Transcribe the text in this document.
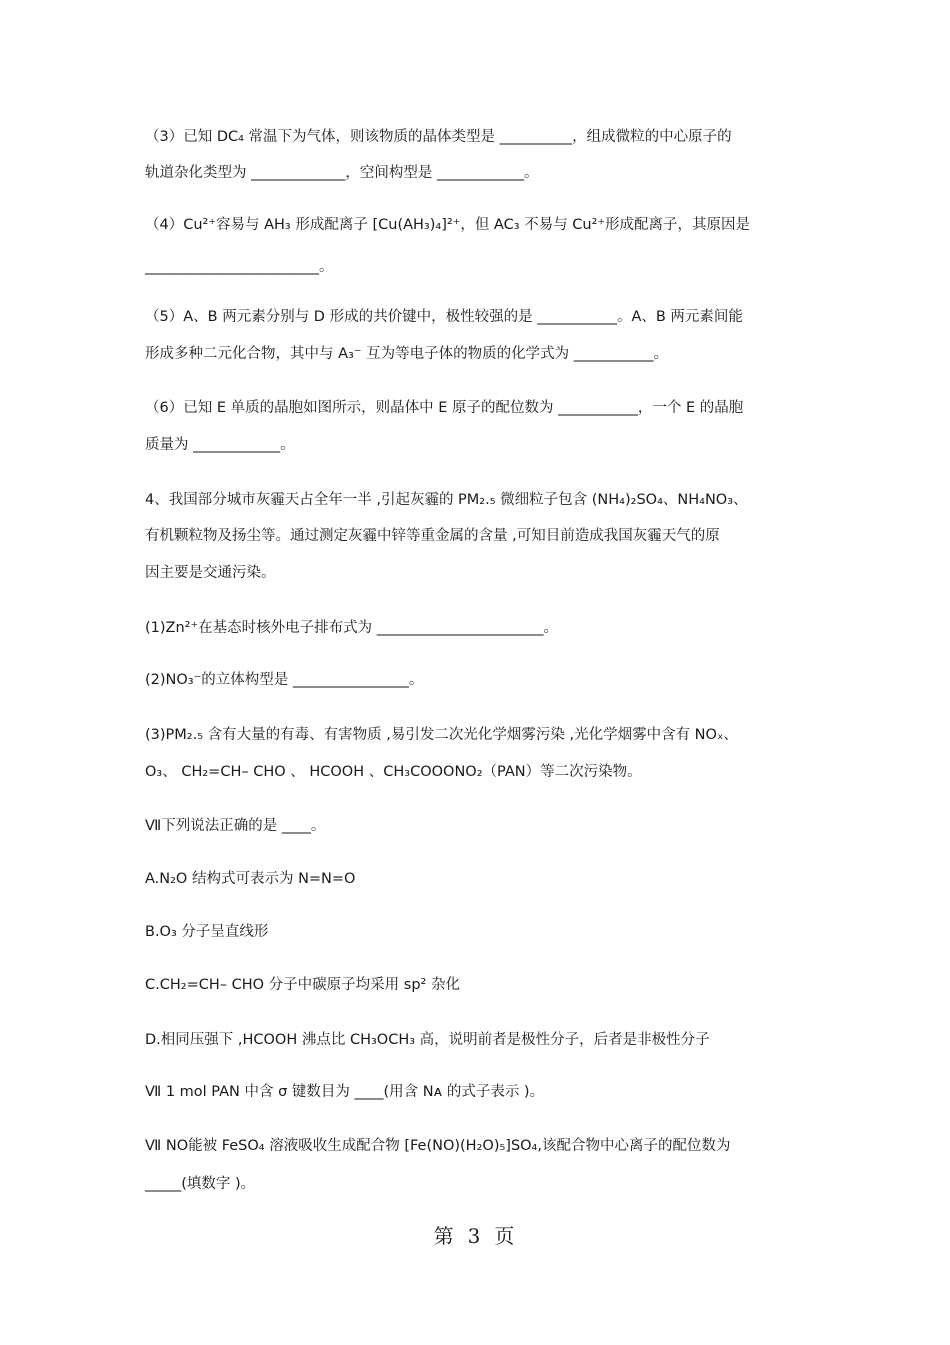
（3）已知 DC₄ 常温下为气体，则该物质的晶体类型是 __________，组成微粒的中心原子的
轨道杂化类型为 _____________，空间构型是 ____________。
（4）Cu²⁺容易与 AH₃ 形成配离子 [Cu(AH₃)₄]²⁺，但 AC₃ 不易与 Cu²⁺形成配离子，其原因是
________________________。
（5）A、B 两元素分别与 D 形成的共价键中，极性较强的是 ___________。A、B 两元素间能
形成多种二元化合物，其中与 A₃⁻ 互为等电子体的物质的化学式为 ___________。
（6）已知 E 单质的晶胞如图所示，则晶体中 E 原子的配位数为 ___________，一个 E 的晶胞
质量为 ____________。
4、我国部分城市灰霾天占全年一半 ,引起灰霾的 PM₂.₅ 微细粒子包含 (NH₄)₂SO₄、NH₄NO₃、
有机颗粒物及扬尘等。通过测定灰霾中锌等重金属的含量 ,可知目前造成我国灰霾天气的原
因主要是交通污染。
(1)Zn²⁺在基态时核外电子排布式为 _______________________。
(2)NO₃⁻的立体构型是 ________________。
(3)PM₂.₅ 含有大量的有毒、有害物质 ,易引发二次光化学烟雾污染 ,光化学烟雾中含有 NOₓ、
O₃、 CH₂=CH– CHO 、 HCOOH 、CH₃COOONO₂（PAN）等二次污染物。
Ⅶ下列说法正确的是 ____。
A.N₂O 结构式可表示为 N=N=O
B.O₃ 分子呈直线形
C.CH₂=CH– CHO 分子中碳原子均采用 sp² 杂化
D.相同压强下 ,HCOOH 沸点比 CH₃OCH₃ 高，说明前者是极性分子，后者是非极性分子
Ⅶ 1 mol PAN 中含 σ 键数目为 ____(用含 Nᴀ 的式子表示 )。
Ⅶ NO能被 FeSO₄ 溶液吸收生成配合物 [Fe(NO)(H₂O)₅]SO₄,该配合物中心离子的配位数为
_____(填数字 )。
第 3 页
